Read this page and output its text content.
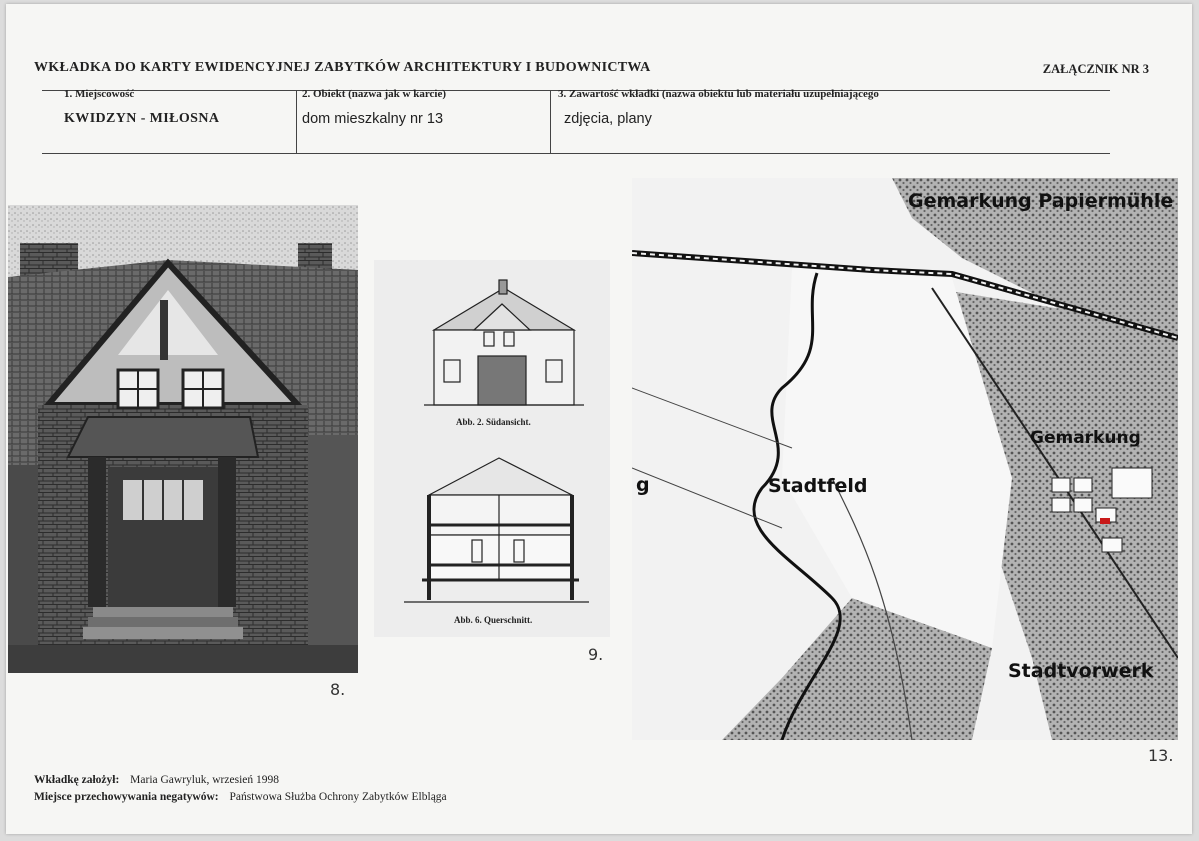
WKŁADKA DO KARTY EWIDENCYJNEJ ZABYTKÓW ARCHITEKTURY I BUDOWNICTWA	ZAŁĄCZNIK NR 3
1. Miejscowość
KWIDZYN - MIŁOSNA
2. Obiekt (nazwa jak w karcie)
dom mieszkalny nr 13
3. Zawartość wkładki (nazwa obiektu lub materiału uzupełniającego
zdjęcia, plany
8.
Abb. 2. Südansicht.
Abb. 6. Querschnitt.
9.
Gemarkung Papiermühle
Gemarkung
Stadtfeld
Stadtvorwerk
g
13.
Wkładkę założył: Maria Gawryluk, wrzesień 1998
Miejsce przechowywania negatywów: Państwowa Służba Ochrony Zabytków Elbląga
